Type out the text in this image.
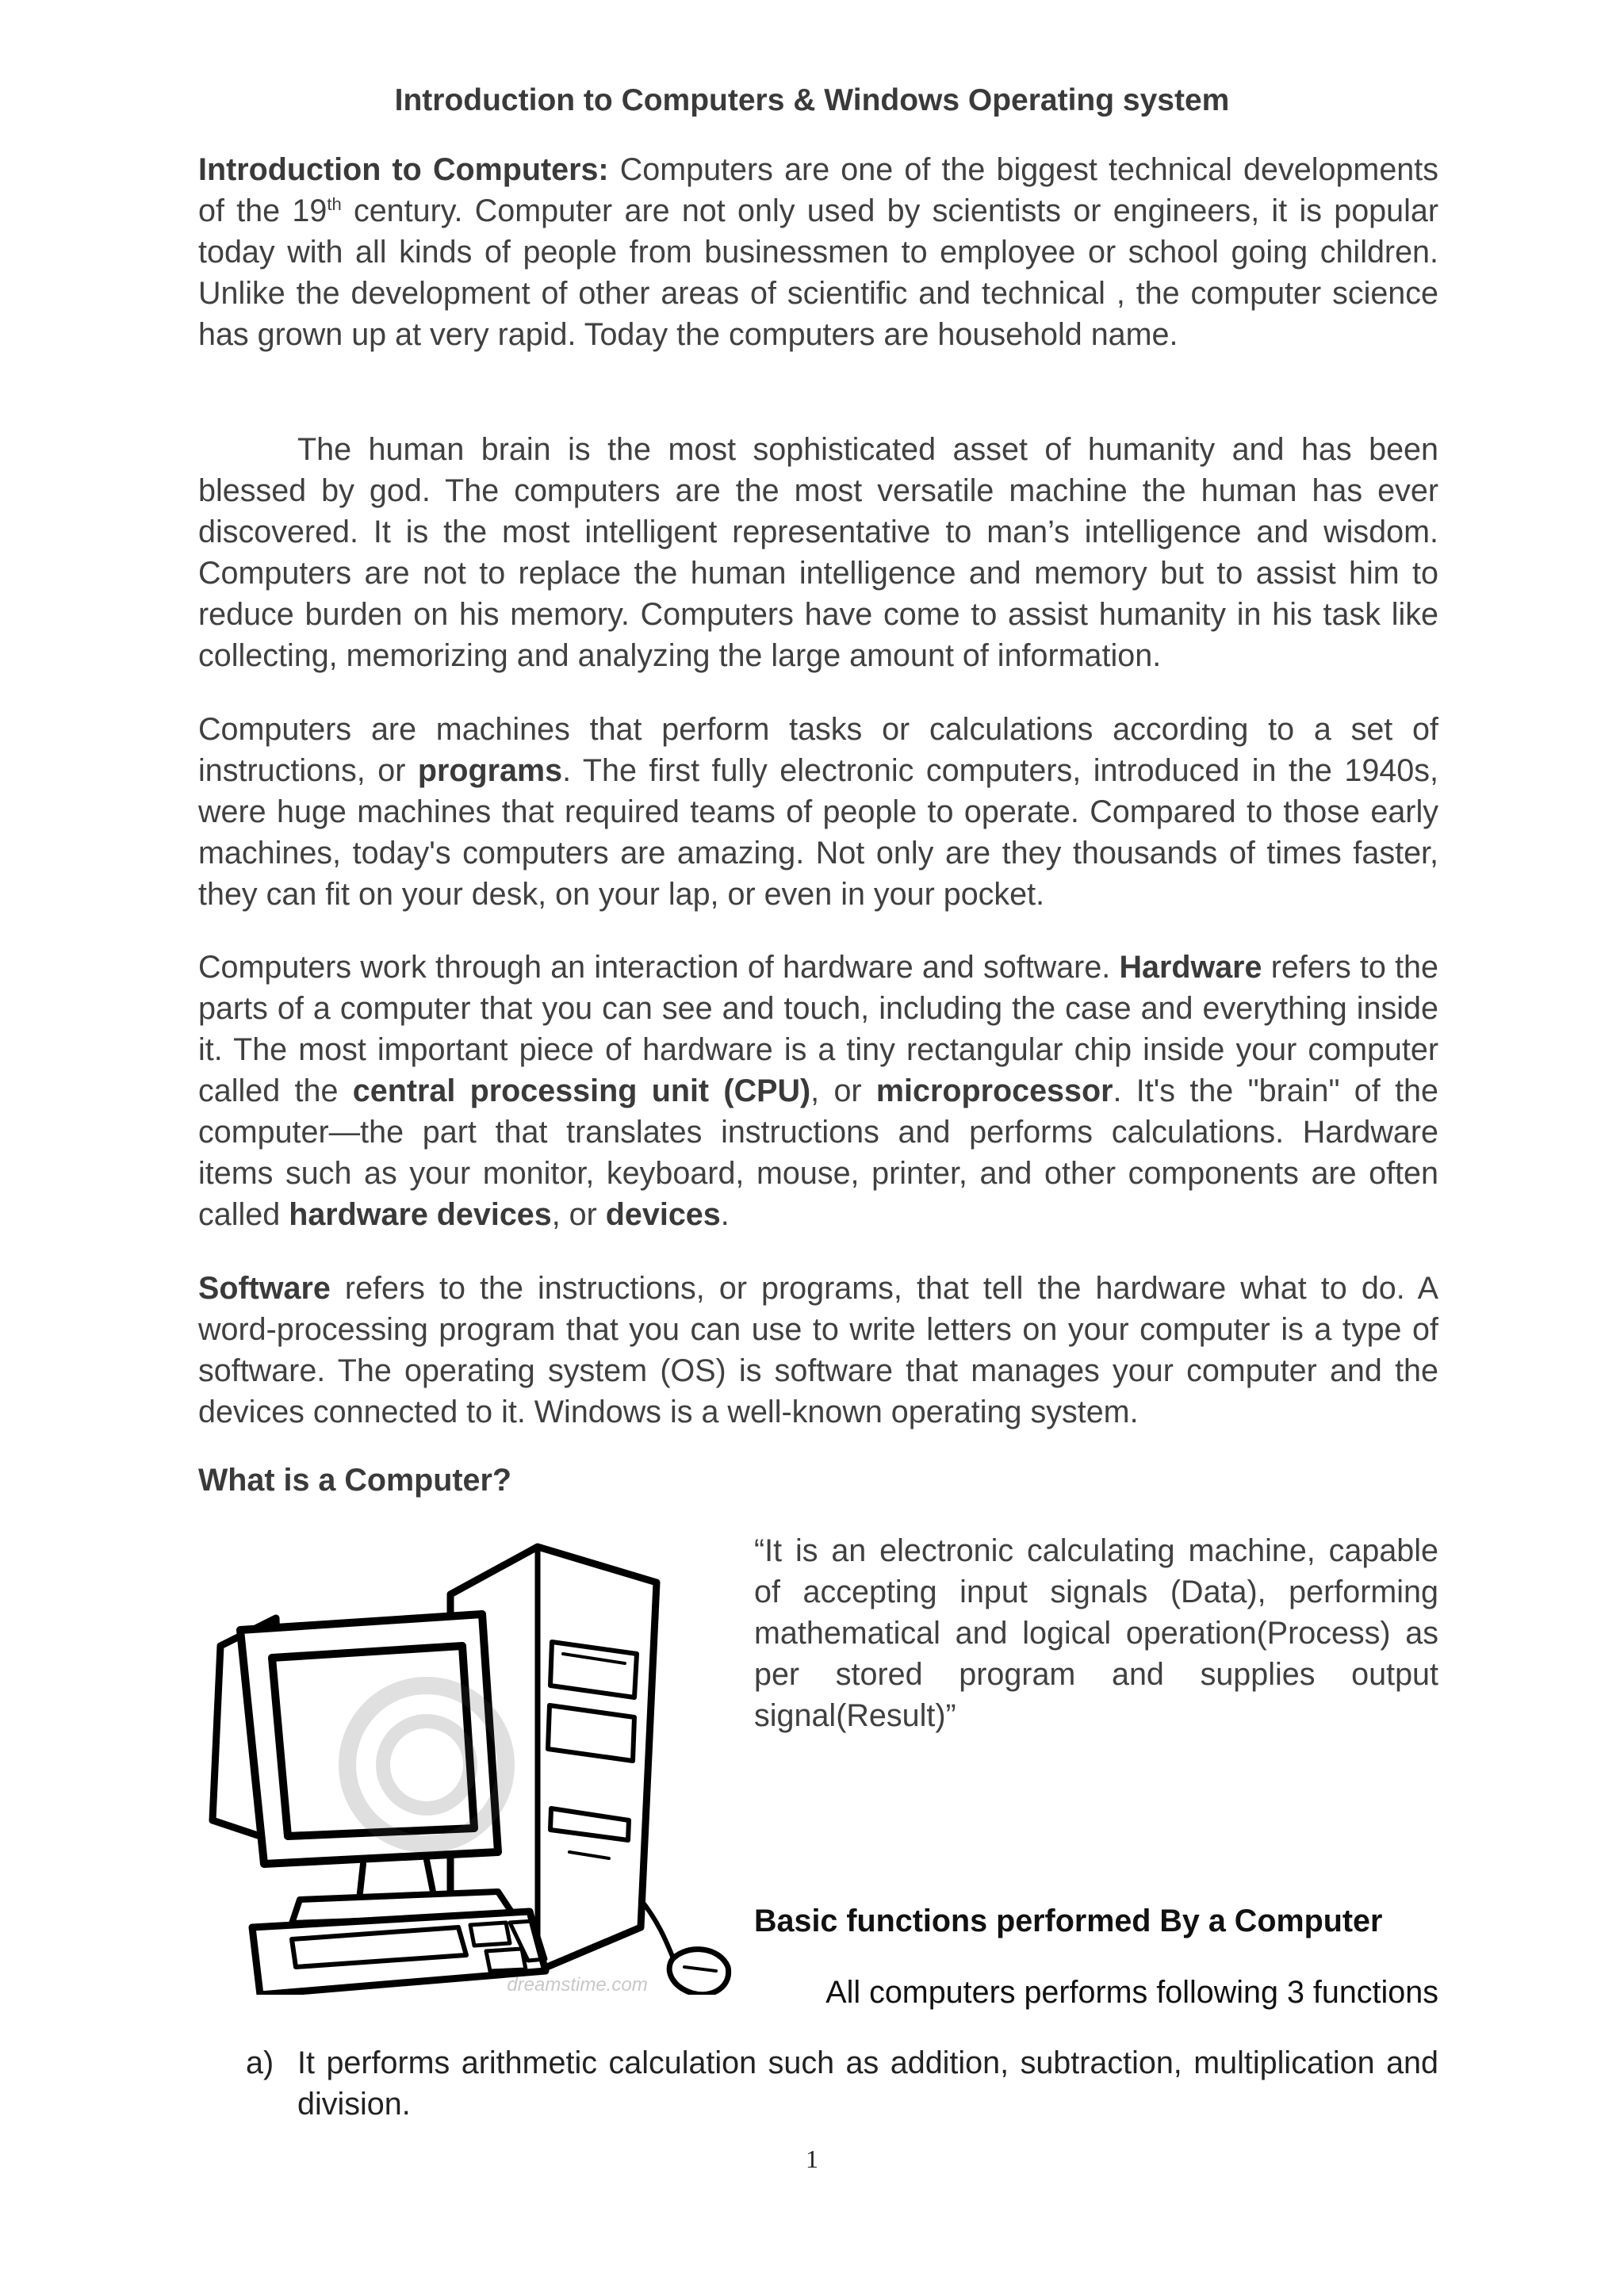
Introduction to Computers & Windows Operating system

Introduction to Computers: Computers are one of the biggest technical developments of the 19th century. Computer are not only used by scientists or engineers, it is popular today with all kinds of people from businessmen to employee or school going children. Unlike the development of other areas of scientific and technical , the computer science has grown up at very rapid. Today the computers are household name.

The human brain is the most sophisticated asset of humanity and has been blessed by god. The computers are the most versatile machine the human has ever discovered. It is the most intelligent representative to man’s intelligence and wisdom. Computers are not to replace the human intelligence and memory but to assist him to reduce burden on his memory. Computers have come to assist humanity in his task like collecting, memorizing and analyzing the large amount of information.

Computers are machines that perform tasks or calculations according to a set of instructions, or programs. The first fully electronic computers, introduced in the 1940s, were huge machines that required teams of people to operate. Compared to those early machines, today's computers are amazing. Not only are they thousands of times faster, they can fit on your desk, on your lap, or even in your pocket.

Computers work through an interaction of hardware and software. Hardware refers to the parts of a computer that you can see and touch, including the case and everything inside it. The most important piece of hardware is a tiny rectangular chip inside your computer called the central processing unit (CPU), or microprocessor. It's the "brain" of the computer—the part that translates instructions and performs calculations. Hardware items such as your monitor, keyboard, mouse, printer, and other components are often called hardware devices, or devices.

Software refers to the instructions, or programs, that tell the hardware what to do. A word-processing program that you can use to write letters on your computer is a type of software. The operating system (OS) is software that manages your computer and the devices connected to it. Windows is a well-known operating system.

What is a Computer?
dreamstime.com

“It is an electronic calculating machine, capable of accepting input signals (Data), performing mathematical and logical operation(Process) as per stored program and supplies output signal(Result)”

Basic functions performed By a Computer

All computers performs following 3 functions

a) It performs arithmetic calculation such as addition, subtraction, multiplication and division.

1
